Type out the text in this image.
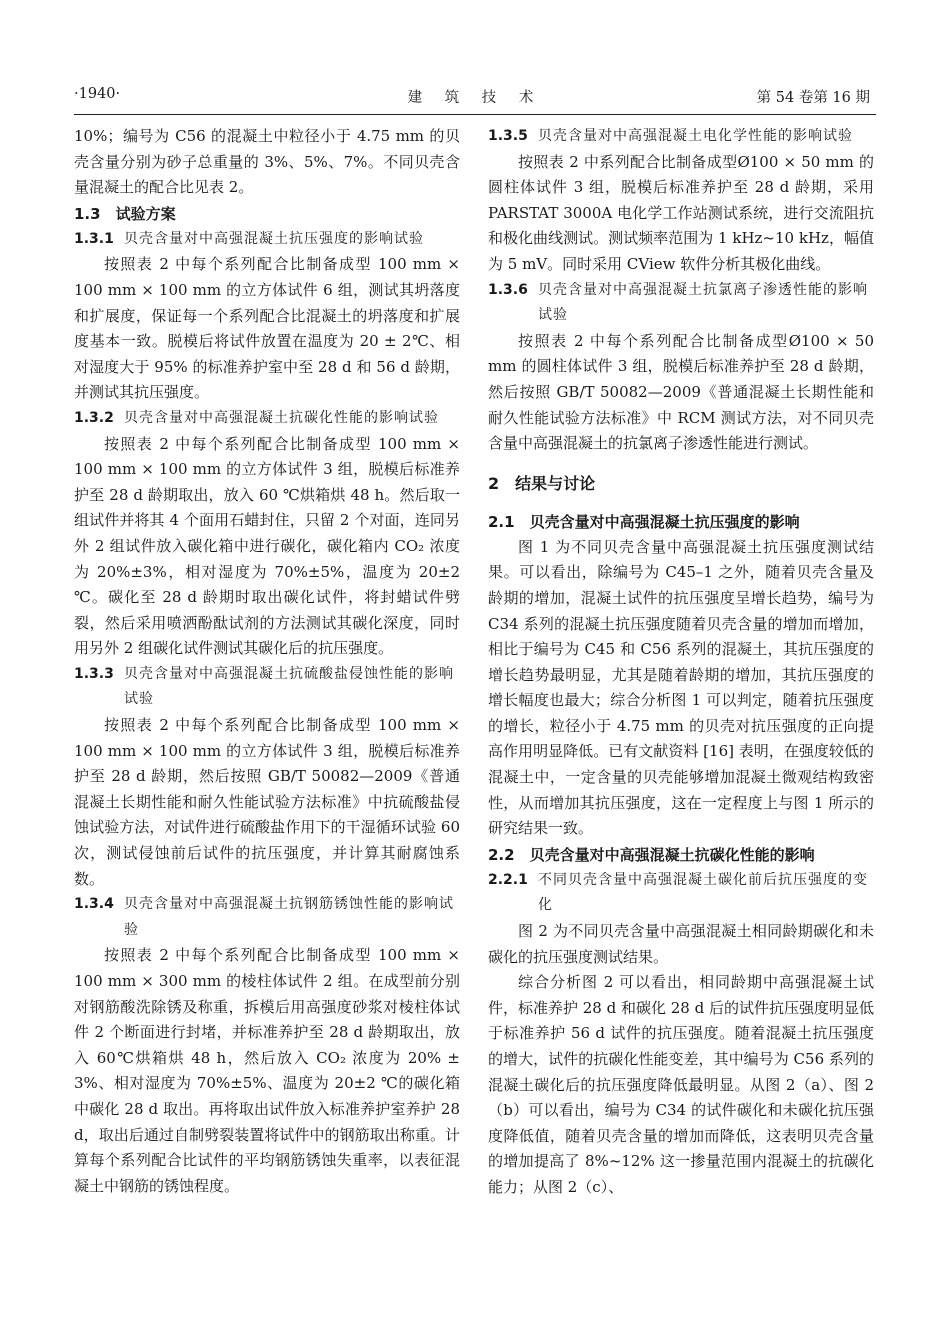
·1940·	建 筑 技 术	第 54 卷第 16 期

10%；编号为 C56 的混凝土中粒径小于 4.75 mm 的贝壳含量分别为砂子总重量的 3%、5%、7%。不同贝壳含量混凝土的配合比见表 2。

1.3　试验方案
1.3.1 贝壳含量对中高强混凝土抗压强度的影响试验

按照表 2 中每个系列配合比制备成型 100 mm × 100 mm × 100 mm 的立方体试件 6 组，测试其坍落度和扩展度，保证每一个系列配合比混凝土的坍落度和扩展度基本一致。脱模后将试件放置在温度为 20 ± 2℃、相对湿度大于 95% 的标准养护室中至 28 d 和 56 d 龄期，并测试其抗压强度。

1.3.2 贝壳含量对中高强混凝土抗碳化性能的影响试验

按照表 2 中每个系列配合比制备成型 100 mm × 100 mm × 100 mm 的立方体试件 3 组，脱模后标准养护至 28 d 龄期取出，放入 60 ℃烘箱烘 48 h。然后取一组试件并将其 4 个面用石蜡封住，只留 2 个对面，连同另外 2 组试件放入碳化箱中进行碳化，碳化箱内 CO₂ 浓度为 20%±3%，相对湿度为 70%±5%，温度为 20±2 ℃。碳化至 28 d 龄期时取出碳化试件，将封蜡试件劈裂，然后采用喷洒酚酞试剂的方法测试其碳化深度，同时用另外 2 组碳化试件测试其碳化后的抗压强度。

1.3.3 贝壳含量对中高强混凝土抗硫酸盐侵蚀性能的影响试验

按照表 2 中每个系列配合比制备成型 100 mm × 100 mm × 100 mm 的立方体试件 3 组，脱模后标准养护至 28 d 龄期，然后按照 GB/T 50082—2009《普通混凝土长期性能和耐久性能试验方法标准》中抗硫酸盐侵蚀试验方法，对试件进行硫酸盐作用下的干湿循环试验 60 次，测试侵蚀前后试件的抗压强度，并计算其耐腐蚀系数。

1.3.4 贝壳含量对中高强混凝土抗钢筋锈蚀性能的影响试验

按照表 2 中每个系列配合比制备成型 100 mm × 100 mm × 300 mm 的棱柱体试件 2 组。在成型前分别对钢筋酸洗除锈及称重，拆模后用高强度砂浆对棱柱体试件 2 个断面进行封堵，并标准养护至 28 d 龄期取出，放入 60℃烘箱烘 48 h，然后放入 CO₂ 浓度为 20% ± 3%、相对湿度为 70%±5%、温度为 20±2 ℃的碳化箱中碳化 28 d 取出。再将取出试件放入标准养护室养护 28 d，取出后通过自制劈裂装置将试件中的钢筋取出称重。计算每个系列配合比试件的平均钢筋锈蚀失重率，以表征混凝土中钢筋的锈蚀程度。

1.3.5 贝壳含量对中高强混凝土电化学性能的影响试验

按照表 2 中系列配合比制备成型Ø100 × 50 mm 的圆柱体试件 3 组，脱模后标准养护至 28 d 龄期，采用 PARSTAT 3000A 电化学工作站测试系统，进行交流阻抗和极化曲线测试。测试频率范围为 1 kHz~10 kHz，幅值为 5 mV。同时采用 CView 软件分析其极化曲线。

1.3.6 贝壳含量对中高强混凝土抗氯离子渗透性能的影响试验

按照表 2 中每个系列配合比制备成型Ø100 × 50 mm 的圆柱体试件 3 组，脱模后标准养护至 28 d 龄期，然后按照 GB/T 50082—2009《普通混凝土长期性能和耐久性能试验方法标准》中 RCM 测试方法，对不同贝壳含量中高强混凝土的抗氯离子渗透性能进行测试。

2　结果与讨论
2.1　贝壳含量对中高强混凝土抗压强度的影响

图 1 为不同贝壳含量中高强混凝土抗压强度测试结果。可以看出，除编号为 C45–1 之外，随着贝壳含量及龄期的增加，混凝土试件的抗压强度呈增长趋势，编号为 C34 系列的混凝土抗压强度随着贝壳含量的增加而增加，相比于编号为 C45 和 C56 系列的混凝土，其抗压强度的增长趋势最明显，尤其是随着龄期的增加，其抗压强度的增长幅度也最大；综合分析图 1 可以判定，随着抗压强度的增长，粒径小于 4.75 mm 的贝壳对抗压强度的正向提高作用明显降低。已有文献资料 [16] 表明，在强度较低的混凝土中，一定含量的贝壳能够增加混凝土微观结构致密性，从而增加其抗压强度，这在一定程度上与图 1 所示的研究结果一致。

2.2　贝壳含量对中高强混凝土抗碳化性能的影响
2.2.1 不同贝壳含量中高强混凝土碳化前后抗压强度的变化

图 2 为不同贝壳含量中高强混凝土相同龄期碳化和未碳化的抗压强度测试结果。

综合分析图 2 可以看出，相同龄期中高强混凝土试件，标准养护 28 d 和碳化 28 d 后的试件抗压强度明显低于标准养护 56 d 试件的抗压强度。随着混凝土抗压强度的增大，试件的抗碳化性能变差，其中编号为 C56 系列的混凝土碳化后的抗压强度降低最明显。从图 2（a）、图 2（b）可以看出，编号为 C34 的试件碳化和未碳化抗压强度降低值，随着贝壳含量的增加而降低，这表明贝壳含量的增加提高了 8%~12% 这一掺量范围内混凝土的抗碳化能力；从图 2（c）、
